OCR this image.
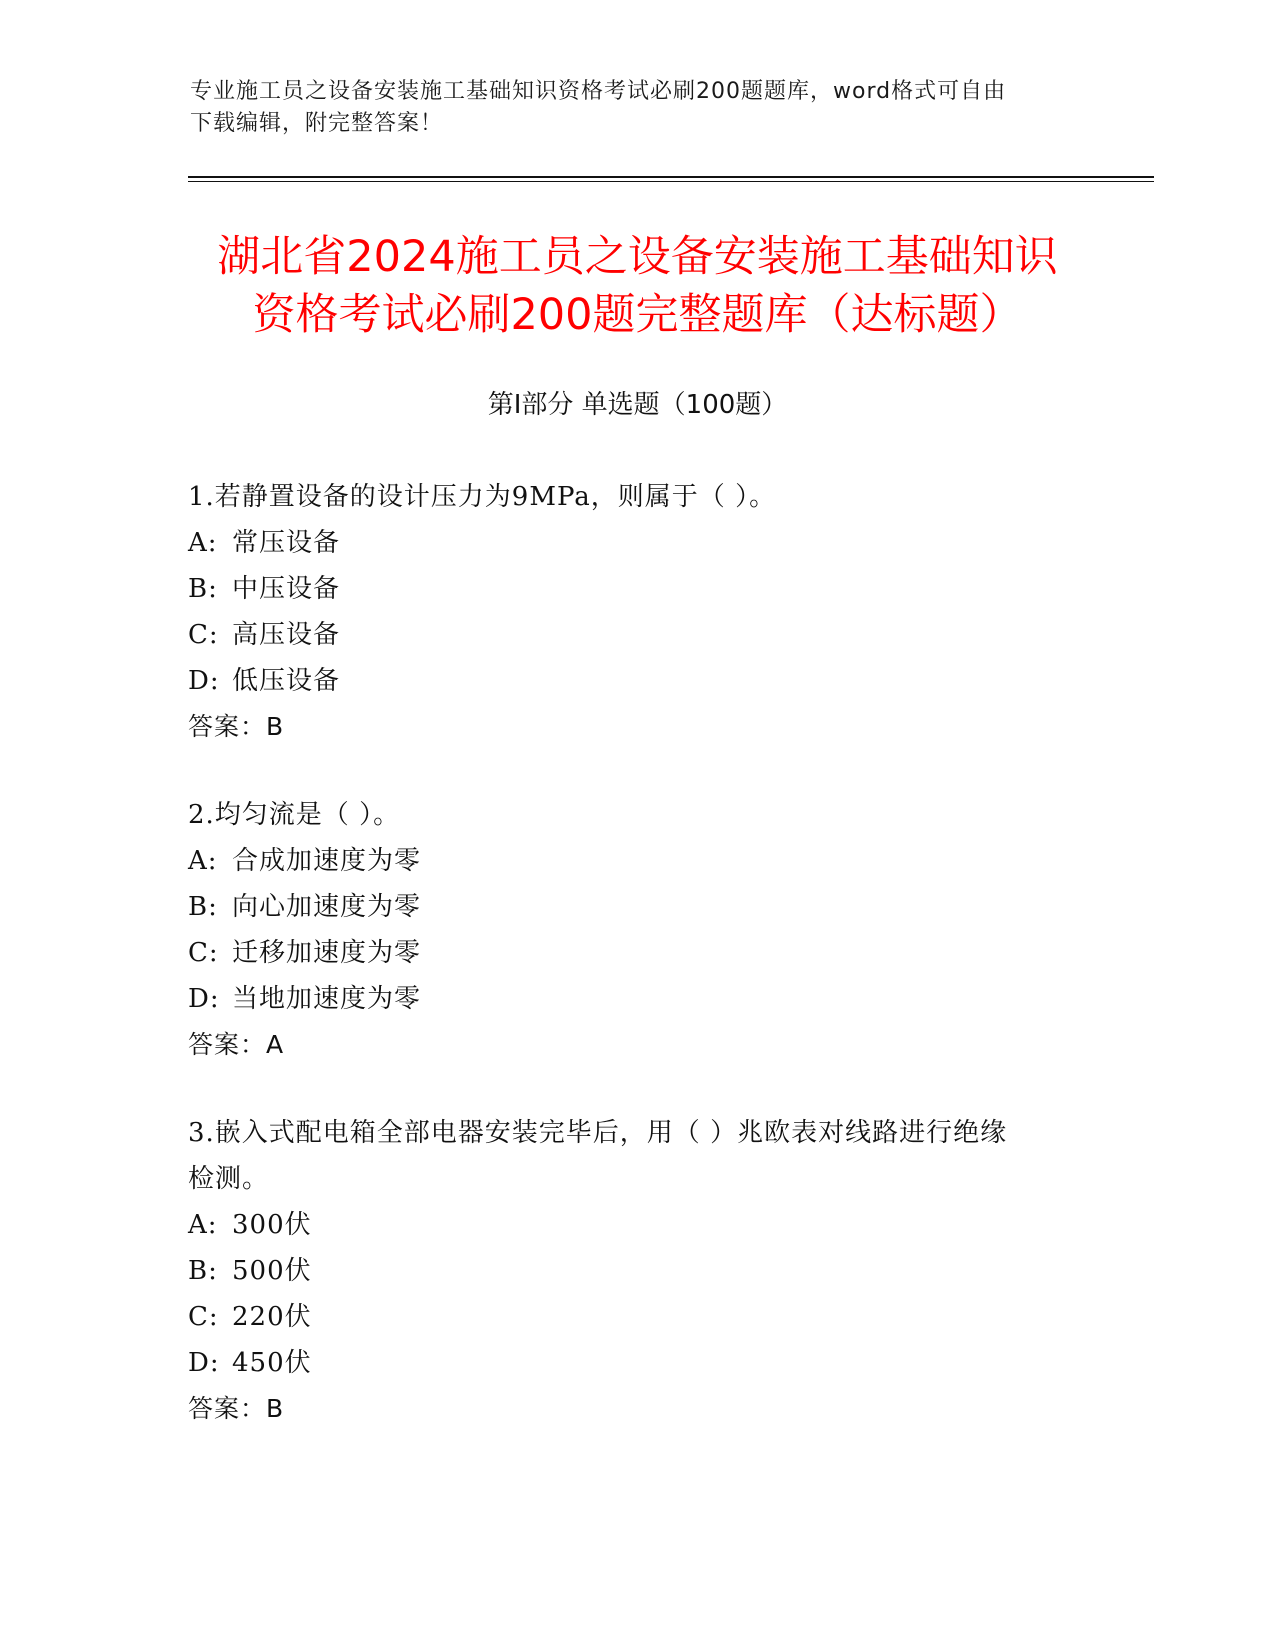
专业施工员之设备安装施工基础知识资格考试必刷200题题库，word格式可自由
下载编辑，附完整答案！
湖北省2024施工员之设备安装施工基础知识
资格考试必刷200题完整题库（达标题）
第Ⅰ部分 单选题（100题）
1.若静置设备的设计压力为9MPa，则属于（ ）。
A: 常压设备
B: 中压设备
C: 高压设备
D: 低压设备
答案：B
2.均匀流是（ ）。
A: 合成加速度为零
B: 向心加速度为零
C: 迁移加速度为零
D: 当地加速度为零
答案：A
3.嵌入式配电箱全部电器安装完毕后，用（ ）兆欧表对线路进行绝缘
检测。
A: 300伏
B: 500伏
C: 220伏
D: 450伏
答案：B
